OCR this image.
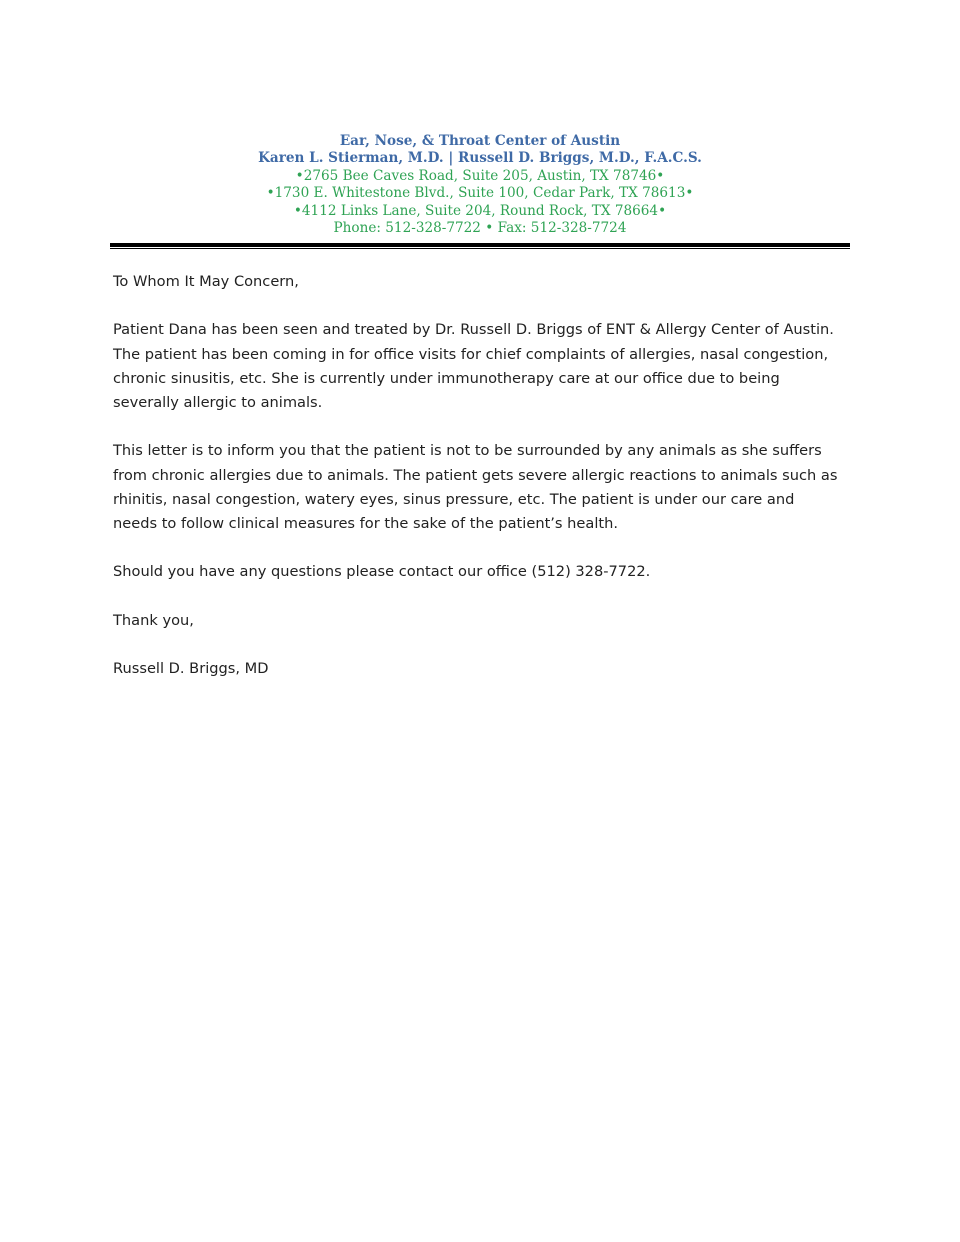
Ear, Nose, & Throat Center of Austin
Karen L. Stierman, M.D. | Russell D. Briggs, M.D., F.A.C.S.
•2765 Bee Caves Road, Suite 205, Austin, TX 78746•
•1730 E. Whitestone Blvd., Suite 100, Cedar Park, TX 78613•
•4112 Links Lane, Suite 204, Round Rock, TX 78664•
Phone: 512-328-7722 • Fax: 512-328-7724

To Whom It May Concern,

Patient Dana has been seen and treated by Dr. Russell D. Briggs of ENT & Allergy Center of Austin. The patient has been coming in for office visits for chief complaints of allergies, nasal congestion, chronic sinusitis, etc. She is currently under immunotherapy care at our office due to being severally allergic to animals.

This letter is to inform you that the patient is not to be surrounded by any animals as she suffers from chronic allergies due to animals. The patient gets severe allergic reactions to animals such as rhinitis, nasal congestion, watery eyes, sinus pressure, etc. The patient is under our care and needs to follow clinical measures for the sake of the patient’s health.

Should you have any questions please contact our office (512) 328-7722.

Thank you,

Russell D. Briggs, MD
